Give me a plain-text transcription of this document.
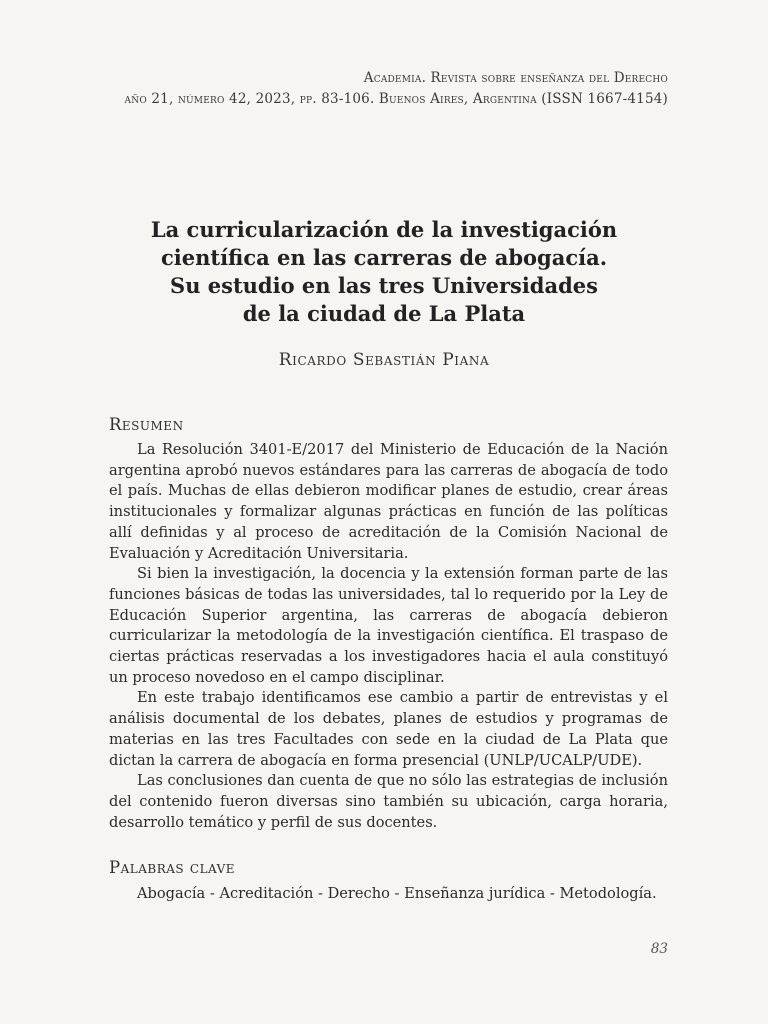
Academia. Revista sobre enseñanza del Derecho
año 21, número 42, 2023, pp. 83-106. Buenos Aires, Argentina (ISSN 1667-4154)
La curricularización de la investigación
científica en las carreras de abogacía.
Su estudio en las tres Universidades
de la ciudad de La Plata
Ricardo Sebastián Piana
Resumen

La Resolución 3401-E/2017 del Ministerio de Educación de la Nación argentina aprobó nuevos estándares para las carreras de abogacía de todo el país. Muchas de ellas debieron modificar planes de estudio, crear áreas institucionales y formalizar algunas prácticas en función de las políticas allí definidas y al proceso de acreditación de la Comisión Nacional de Evaluación y Acreditación Universitaria.

Si bien la investigación, la docencia y la extensión forman parte de las funciones básicas de todas las universidades, tal lo requerido por la Ley de Educación Superior argentina, las carreras de abogacía debieron curricularizar la metodología de la investigación científica. El traspaso de ciertas prácticas reservadas a los investigadores hacia el aula constituyó un proceso novedoso en el campo disciplinar.

En este trabajo identificamos ese cambio a partir de entrevistas y el análisis documental de los debates, planes de estudios y programas de materias en las tres Facultades con sede en la ciudad de La Plata que dictan la carrera de abogacía en forma presencial (UNLP/UCALP/UDE).

Las conclusiones dan cuenta de que no sólo las estrategias de inclusión del contenido fueron diversas sino también su ubicación, carga horaria, desarrollo temático y perfil de sus docentes.

Palabras clave
Abogacía - Acreditación - Derecho - Enseñanza jurídica - Metodología.
83
